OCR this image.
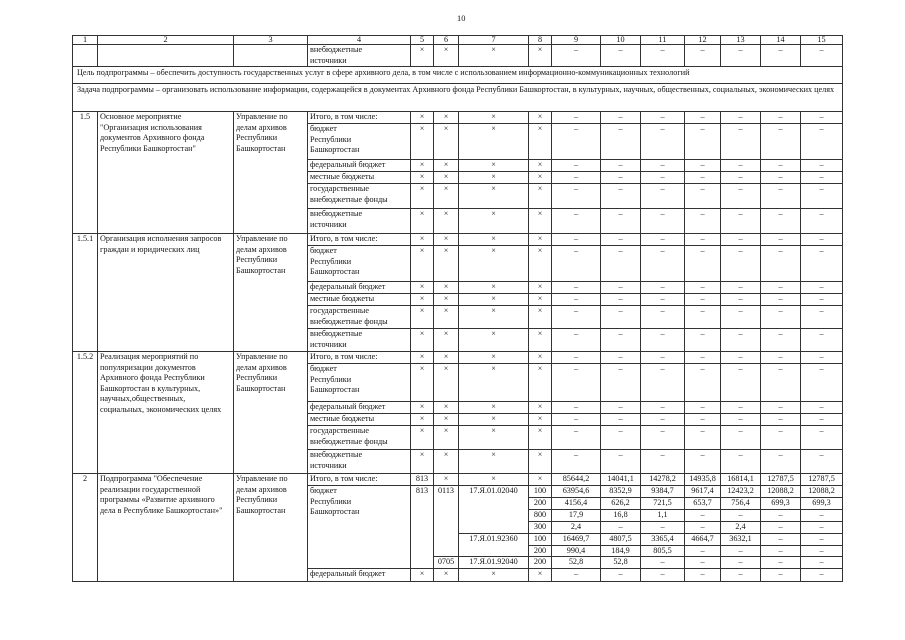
10
1	2	3	4	5	6	7	8	9	10	11	12	13	14	15

			внебюджетные источники	×	×	×	×	–	–	–	–	–	–	–
Цель подпрограммы – обеспечить доступность государственных услуг в сфере архивного дела, в том числе с использованием информационно-коммуникационных технологий														
Задача подпрограммы – организовать использование информации, содержащейся в документах Архивного фонда Республики Башкортостан, в культурных, научных, общественных, социальных, экономических целях														
1.5	Основное мероприятие "Организация использования документов Архивного фонда Республики Башкортостан"	Управление по делам архивов Республики Башкортостан	Итого, в том числе:	×	×	×	×	–	–	–	–	–	–	–

			бюджет Республики Башкортостан	×	×	×	×	–	–	–	–	–	–	–

			федеральный бюджет	×	×	×	×	–	–	–	–	–	–	–

			местные бюджеты	×	×	×	×	–	–	–	–	–	–	–

			государственные внебюджетные фонды	×	×	×	×	–	–	–	–	–	–	–

			внебюджетные источники	×	×	×	×	–	–	–	–	–	–	–
1.5.1	Организация исполнения запросов граждан и юридических лиц	Управление по делам архивов Республики Башкортостан	Итого, в том числе:	×	×	×	×	–	–	–	–	–	–	–

			бюджет Республики Башкортостан	×	×	×	×	–	–	–	–	–	–	–

			федеральный бюджет	×	×	×	×	–	–	–	–	–	–	–

			местные бюджеты	×	×	×	×	–	–	–	–	–	–	–

			государственные внебюджетные фонды	×	×	×	×	–	–	–	–	–	–	–

			внебюджетные источники	×	×	×	×	–	–	–	–	–	–	–
1.5.2	Реализация мероприятий по популяризации документов Архивного фонда Республики Башкортостан в культурных, научных,общественных, социальных, экономических целях	Управление по делам архивов Республики Башкортостан	Итого, в том числе:	×	×	×	×	–	–	–	–	–	–	–

			бюджет Республики Башкортостан	×	×	×	×	–	–	–	–	–	–	–

			федеральный бюджет	×	×	×	×	–	–	–	–	–	–	–

			местные бюджеты	×	×	×	×	–	–	–	–	–	–	–

			государственные внебюджетные фонды	×	×	×	×	–	–	–	–	–	–	–

			внебюджетные источники	×	×	×	×	–	–	–	–	–	–	–
2	Подпрограмма "Обеспечение реализации государственной программы «Развитие архивного дела в Республике Башкортостан»"	Управление по делам архивов Республики Башкортостан	Итого, в том числе:	813	×	×	×	85644,2	14041,1	14278,2	14935,8	16814,1	12787,5	12787,5

			бюджет Республики Башкортостан	813	0113	17.Я.01.02040	100	63954,6	8352,9	9384,7	9617,4	12423,2	12088,2	12088,2
							200	4156,4	626,2	721,5	653,7	756,4	699,3	699,3
							800	17,9	16,8	1,1	–	–	–	–
							300	2,4	–	–	–	2,4	–	–
						17.Я.01.92360	100	16469,7	4807,5	3365,4	4664,7	3632,1	–	–
							200	990,4	184,9	805,5	–	–	–	–
					0705	17.Я.01.92040	200	52,8	52,8	–	–	–	–	–

			федеральный бюджет	×	×	×	×	–	–	–	–	–	–	–
